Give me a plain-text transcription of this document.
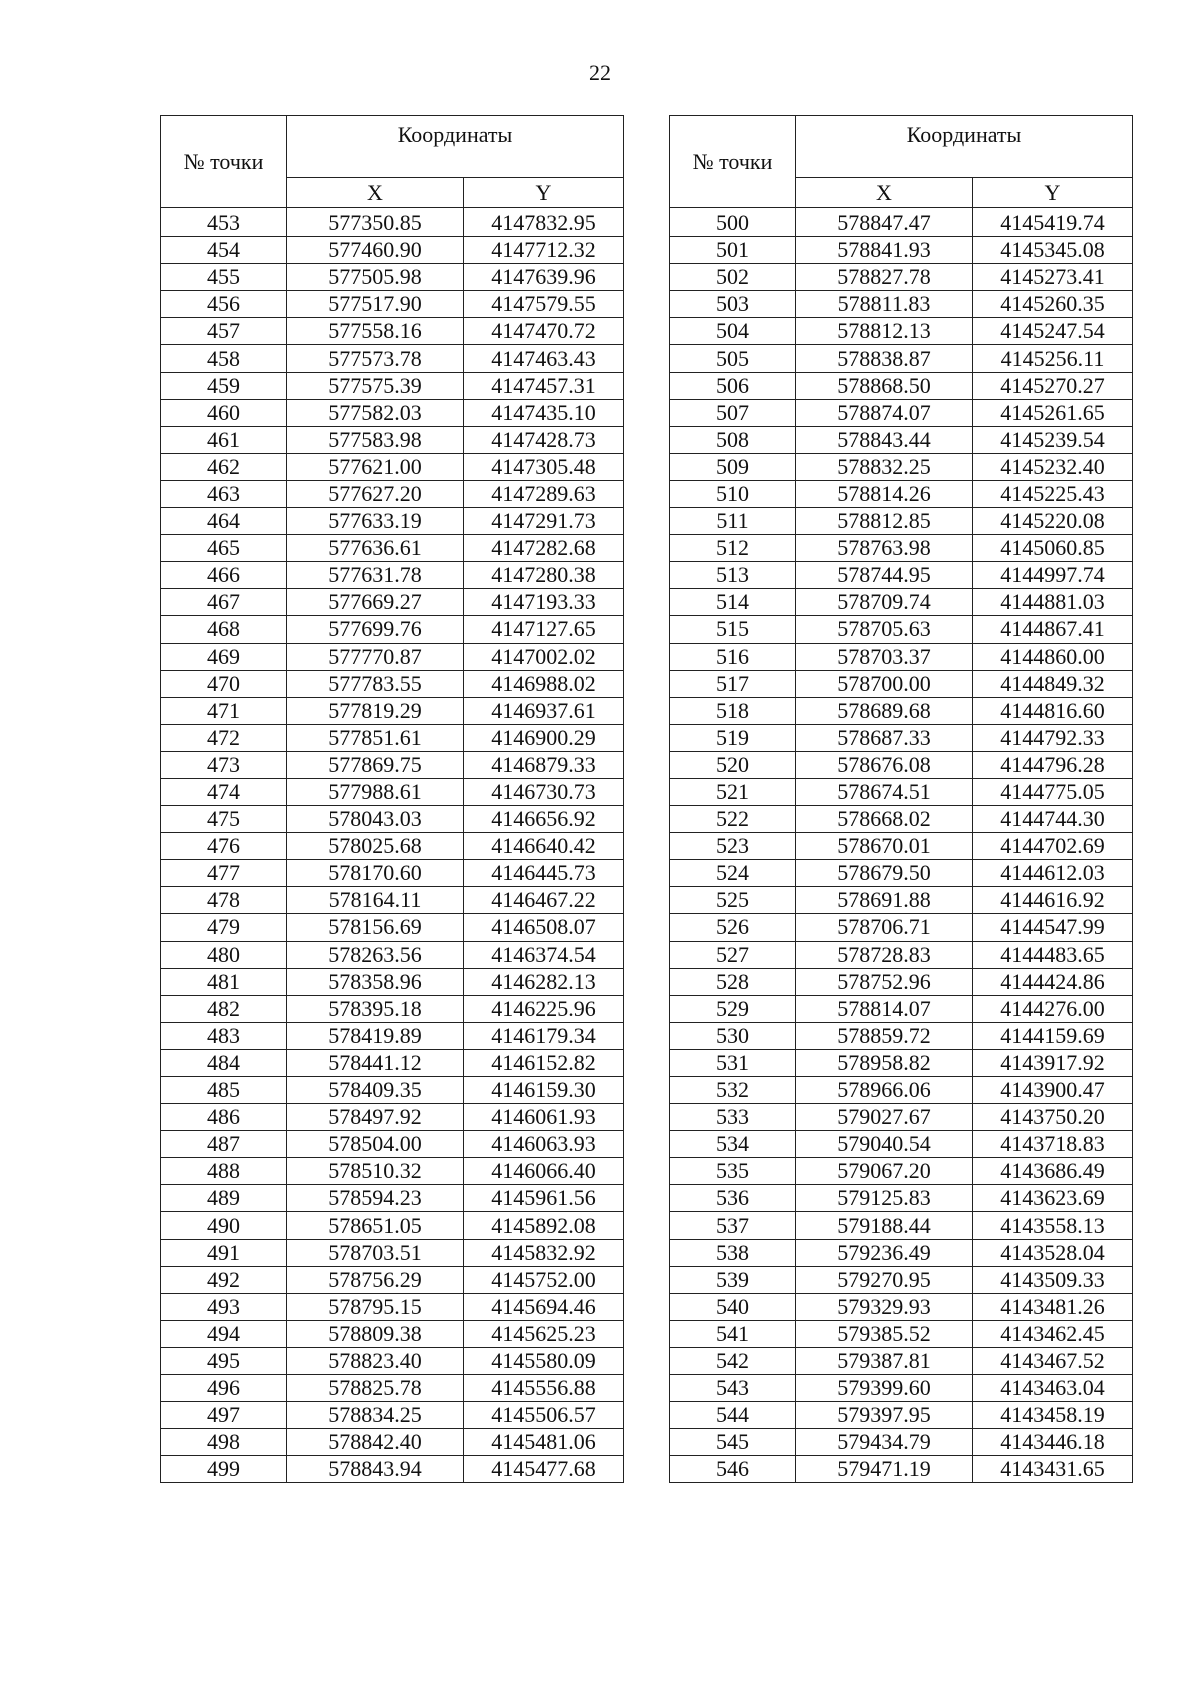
22
№ точки	Координаты	
	X	Y
453	577350.85	4147832.95
454	577460.90	4147712.32
455	577505.98	4147639.96
456	577517.90	4147579.55
457	577558.16	4147470.72
458	577573.78	4147463.43
459	577575.39	4147457.31
460	577582.03	4147435.10
461	577583.98	4147428.73
462	577621.00	4147305.48
463	577627.20	4147289.63
464	577633.19	4147291.73
465	577636.61	4147282.68
466	577631.78	4147280.38
467	577669.27	4147193.33
468	577699.76	4147127.65
469	577770.87	4147002.02
470	577783.55	4146988.02
471	577819.29	4146937.61
472	577851.61	4146900.29
473	577869.75	4146879.33
474	577988.61	4146730.73
475	578043.03	4146656.92
476	578025.68	4146640.42
477	578170.60	4146445.73
478	578164.11	4146467.22
479	578156.69	4146508.07
480	578263.56	4146374.54
481	578358.96	4146282.13
482	578395.18	4146225.96
483	578419.89	4146179.34
484	578441.12	4146152.82
485	578409.35	4146159.30
486	578497.92	4146061.93
487	578504.00	4146063.93
488	578510.32	4146066.40
489	578594.23	4145961.56
490	578651.05	4145892.08
491	578703.51	4145832.92
492	578756.29	4145752.00
493	578795.15	4145694.46
494	578809.38	4145625.23
495	578823.40	4145580.09
496	578825.78	4145556.88
497	578834.25	4145506.57
498	578842.40	4145481.06
499	578843.94	4145477.68
№ точки	Координаты	
	X	Y
500	578847.47	4145419.74
501	578841.93	4145345.08
502	578827.78	4145273.41
503	578811.83	4145260.35
504	578812.13	4145247.54
505	578838.87	4145256.11
506	578868.50	4145270.27
507	578874.07	4145261.65
508	578843.44	4145239.54
509	578832.25	4145232.40
510	578814.26	4145225.43
511	578812.85	4145220.08
512	578763.98	4145060.85
513	578744.95	4144997.74
514	578709.74	4144881.03
515	578705.63	4144867.41
516	578703.37	4144860.00
517	578700.00	4144849.32
518	578689.68	4144816.60
519	578687.33	4144792.33
520	578676.08	4144796.28
521	578674.51	4144775.05
522	578668.02	4144744.30
523	578670.01	4144702.69
524	578679.50	4144612.03
525	578691.88	4144616.92
526	578706.71	4144547.99
527	578728.83	4144483.65
528	578752.96	4144424.86
529	578814.07	4144276.00
530	578859.72	4144159.69
531	578958.82	4143917.92
532	578966.06	4143900.47
533	579027.67	4143750.20
534	579040.54	4143718.83
535	579067.20	4143686.49
536	579125.83	4143623.69
537	579188.44	4143558.13
538	579236.49	4143528.04
539	579270.95	4143509.33
540	579329.93	4143481.26
541	579385.52	4143462.45
542	579387.81	4143467.52
543	579399.60	4143463.04
544	579397.95	4143458.19
545	579434.79	4143446.18
546	579471.19	4143431.65
